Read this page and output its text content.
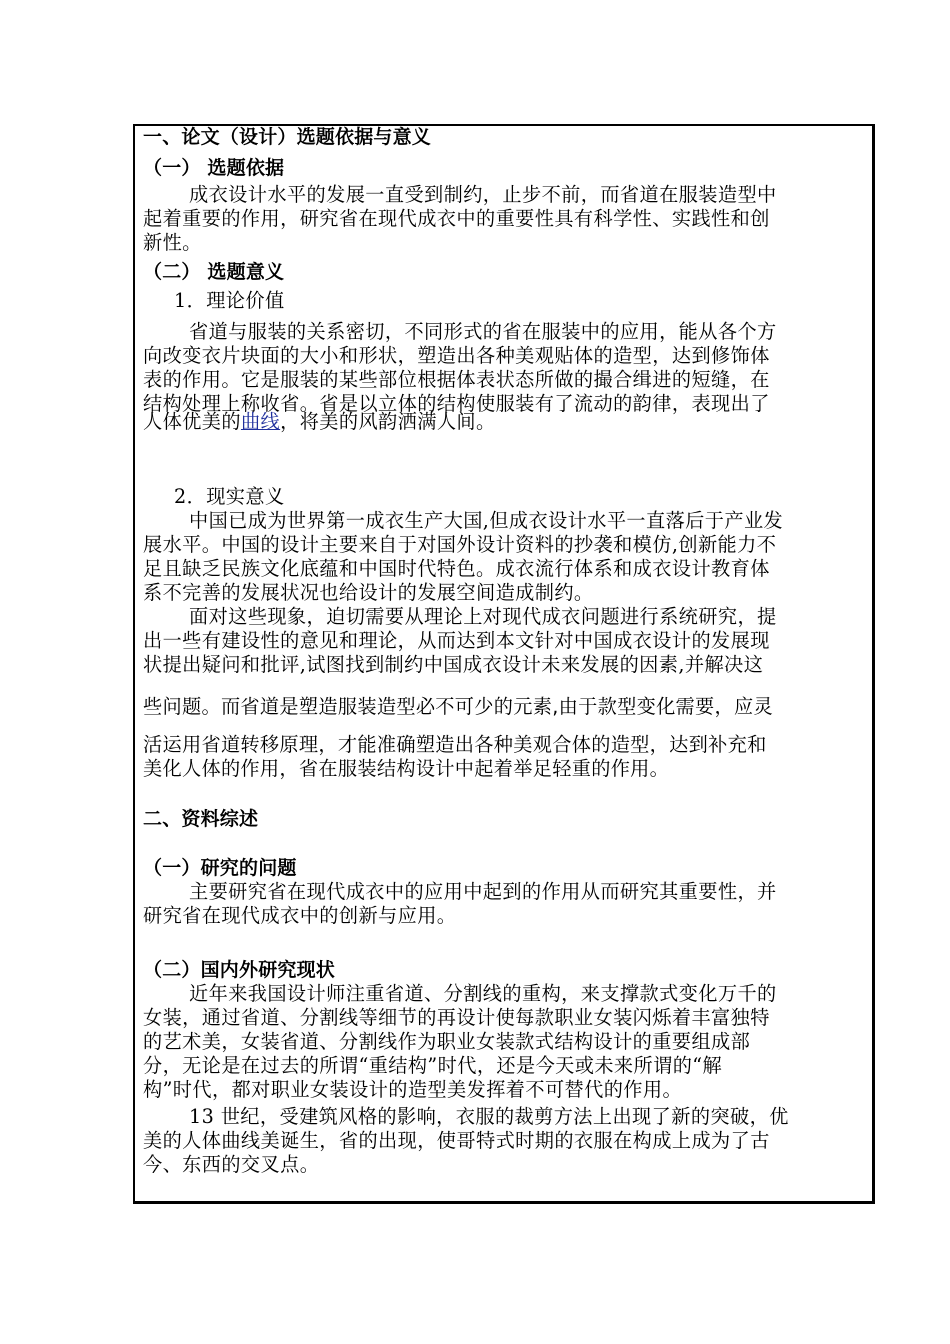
一、论文（设计）选题依据与意义
（一） 选题依据
成衣设计水平的发展一直受到制约，止步不前，而省道在服装造型中
起着重要的作用，研究省在现代成衣中的重要性具有科学性、实践性和创
新性。
（二） 选题意义
1．理论价值
省道与服装的关系密切，不同形式的省在服装中的应用，能从各个方
向改变衣片块面的大小和形状，塑造出各种美观贴体的造型，达到修饰体
表的作用。它是服装的某些部位根据体表状态所做的撮合缉进的短缝，在
结构处理上称收省。省是以立体的结构使服装有了流动的韵律，表现出了
人体优美的曲线，将美的风韵洒满人间。
2．现实意义
中国已成为世界第一成衣生产大国,但成衣设计水平一直落后于产业发
展水平。中国的设计主要来自于对国外设计资料的抄袭和模仿,创新能力不
足且缺乏民族文化底蕴和中国时代特色。成衣流行体系和成衣设计教育体
系不完善的发展状况也给设计的发展空间造成制约。
面对这些现象，迫切需要从理论上对现代成衣问题进行系统研究，提
出一些有建设性的意见和理论，从而达到本文针对中国成衣设计的发展现
状提出疑问和批评,试图找到制约中国成衣设计未来发展的因素,并解决这
些问题。而省道是塑造服装造型必不可少的元素,由于款型变化需要，应灵
活运用省道转移原理，才能准确塑造出各种美观合体的造型，达到补充和
美化人体的作用，省在服装结构设计中起着举足轻重的作用。
二、资料综述
（一）研究的问题
主要研究省在现代成衣中的应用中起到的作用从而研究其重要性，并
研究省在现代成衣中的创新与应用。
（二）国内外研究现状
近年来我国设计师注重省道、分割线的重构，来支撑款式变化万千的
女装，通过省道、分割线等细节的再设计使每款职业女装闪烁着丰富独特
的艺术美，女装省道、分割线作为职业女装款式结构设计的重要组成部
分，无论是在过去的所谓“重结构”时代，还是今天或未来所谓的“解
构”时代，都对职业女装设计的造型美发挥着不可替代的作用。
13 世纪，受建筑风格的影响，衣服的裁剪方法上出现了新的突破，优
美的人体曲线美诞生，省的出现，使哥特式时期的衣服在构成上成为了古
今、东西的交叉点。
